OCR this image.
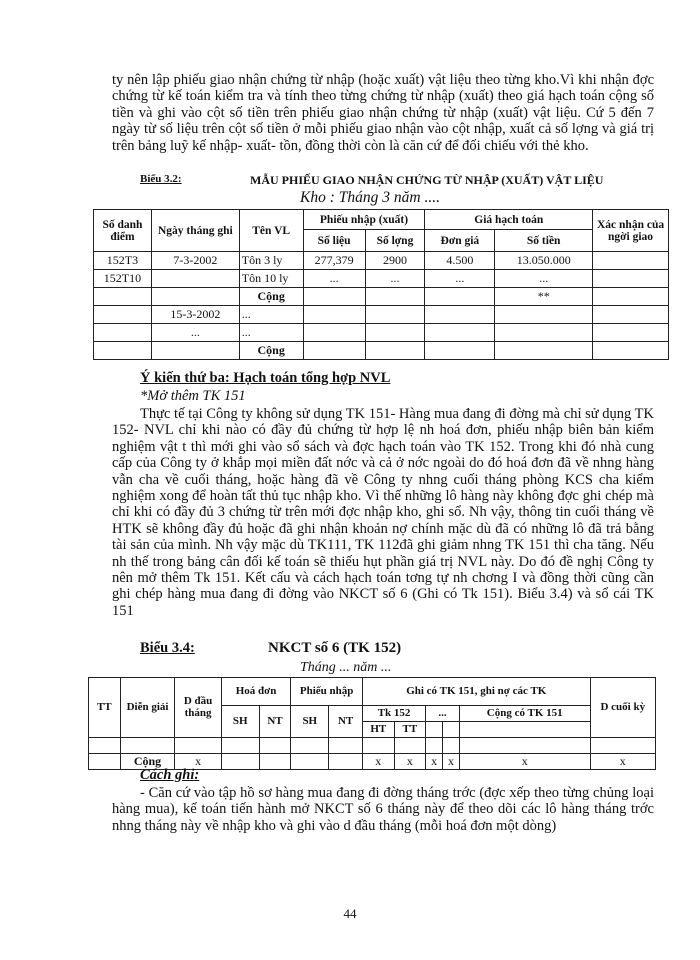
ty nên lập phiếu giao nhận chứng từ nhập (hoặc xuất) vật liệu theo từng kho.Vì khi nhận đợc chứng từ kế toán kiểm tra và tính theo từng chứng từ nhập (xuất) theo giá hạch toán cộng số tiền và ghi vào cột số tiền trên phiếu giao nhận chứng từ nhập (xuất) vật liệu. Cứ 5 đến 7 ngày từ số liệu trên cột số tiền ở mỗi phiếu giao nhận vào cột nhập, xuất cả số lợng và giá trị trên bảng luỹ kế nhập- xuất- tồn, đồng thời còn là căn cứ để đối chiếu với thẻ kho.
Biểu 3.2:	MẪU PHIẾU GIAO NHẬN CHỨNG TỪ NHẬP (XUẤT) VẬT LIỆU
Kho : Tháng 3 năm ....
Số danh điểm	Ngày tháng ghi	Tên VL	Phiếu nhập (xuất)		Giá hạch toán		Xác nhận của ngời giao
			Số liệu	Số lợng	Đơn giá	Số tiền	
152T3	7-3-2002	Tôn 3 ly	277,379	2900	4.500	13.050.000	
152T10		Tôn 10 ly	...	...	...	...	
		Cộng				**	
	15-3-2002	...					
	...	...					
		Cộng					
Ý kiến thứ ba: Hạch toán tổng hợp NVL
*Mở thêm TK 151
Thực tế tại Công ty không sử dụng TK 151- Hàng mua đang đi đờng mà chỉ sử dụng TK 152- NVL chỉ khi nào có đầy đủ chứng từ hợp lệ nh hoá đơn, phiếu nhập biên bản kiểm nghiệm vật t thì mới ghi vào sổ sách và đợc hạch toán vào TK 152. Trong khi đó nhà cung cấp của Công ty ở khắp mọi miền đất nớc và cả ở nớc ngoài do đó hoá đơn đã về nhng hàng vẫn cha về cuối tháng, hoặc hàng đã về Công ty nhng cuối tháng phòng KCS cha kiểm nghiệm xong để hoàn tất thủ tục nhập kho. Vì thế những lô hàng này không đợc ghi chép mà chỉ khi có đầy đủ 3 chứng từ trên mới đợc nhập kho, ghi sổ. Nh vậy, thông tin cuối tháng về HTK sẽ không đầy đủ hoặc đã ghi nhận khoản nợ chính mặc dù đã có những lô đã trả bằng tài sản của mình. Nh vậy mặc dù TK111, TK 112đã ghi giảm nhng TK 151 thì cha tăng. Nếu nh thế trong bảng cân đối kế toán sẽ thiếu hụt phần giá trị NVL này. Do đó đề nghị Công ty nên mở thêm Tk 151. Kết cấu và cách hạch toán tơng tự nh chơng I và đồng thời cũng cần ghi chép hàng mua đang đi đờng vào NKCT số 6 (Ghi có Tk 151). Biểu 3.4) và sổ cái TK 151
Biểu 3.4:	NKCT số 6 (TK 152)
Tháng ... năm ...
TT	Diễn giải	D đầu tháng	Hoá đơn		Phiếu nhập		Ghi có TK 151, ghi nợ các TK					D cuối kỳ
			SH	NT	SH	NT	Tk 152		...		Cộng có TK 151	
							HT	TT				

	Cộng	x					x	x	x	x	x	x
Cách ghi:
- Căn cứ vào tập hồ sơ hàng mua đang đi đờng tháng trớc (đợc xếp theo từng chủng loại hàng mua), kế toán tiến hành mở NKCT số 6 tháng này để theo dõi các lô hàng tháng trớc nhng tháng này về nhập kho và ghi vào d đầu tháng (mỗi hoá đơn một dòng)
44
